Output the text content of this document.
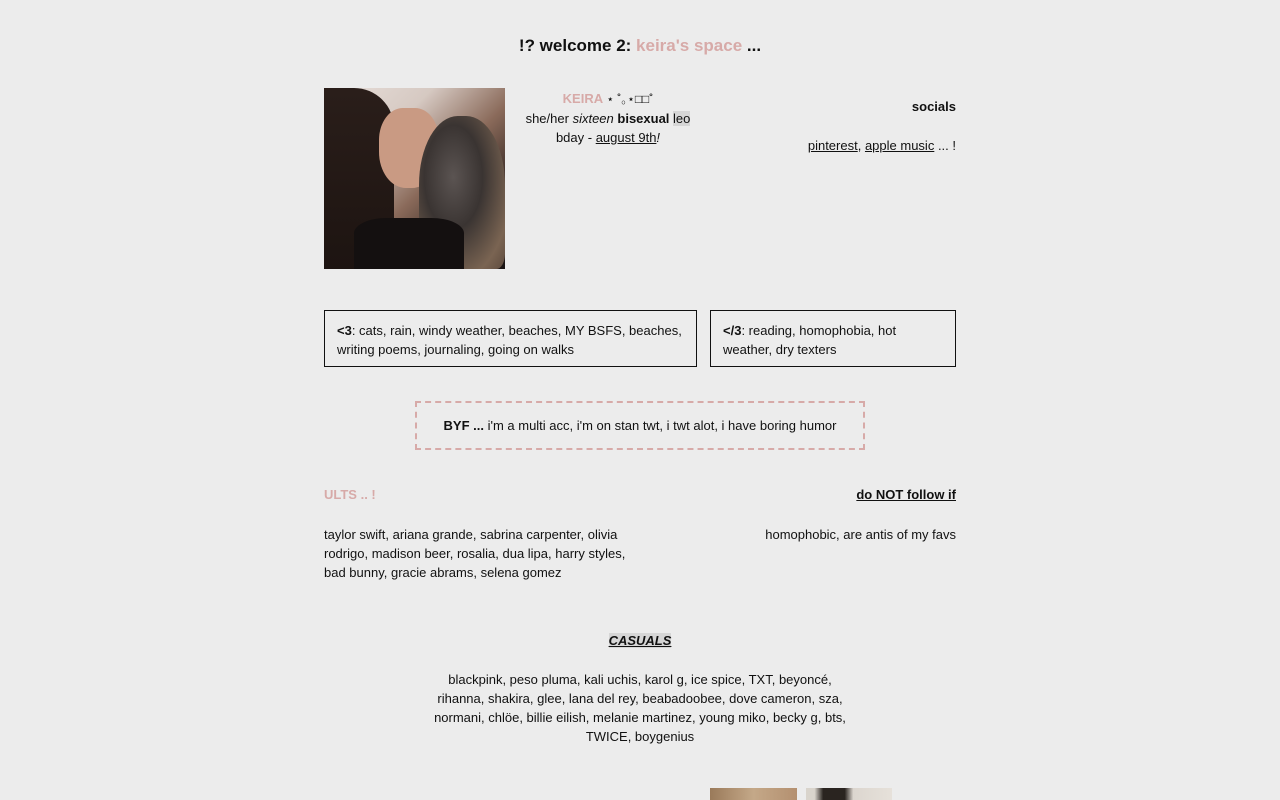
!? welcome 2: keira's space ...
KEIRA ⋆ ˚｡⋆□□˚
she/her sixteen bisexual leo
bday - august 9th!
socials
pinterest, apple music ... !
<3: cats, rain, windy weather, beaches, MY BSFS, beaches, writing poems, journaling, going on walks
</3: reading, homophobia, hot weather, dry texters
BYF ... i'm a multi acc, i'm on stan twt, i twt alot, i have boring humor
ULTS .. !	do NOT follow if
taylor swift, ariana grande, sabrina carpenter, olivia rodrigo, madison beer, rosalia, dua lipa, harry styles, bad bunny, gracie abrams, selena gomez
homophobic, are antis of my favs
CASUALS
blackpink, peso pluma, kali uchis, karol g, ice spice, TXT, beyoncé, rihanna, shakira, glee, lana del rey, beabadoobee, dove cameron, sza, normani, chlöe, billie eilish, melanie martinez, young miko, becky g, bts, TWICE, boygenius
